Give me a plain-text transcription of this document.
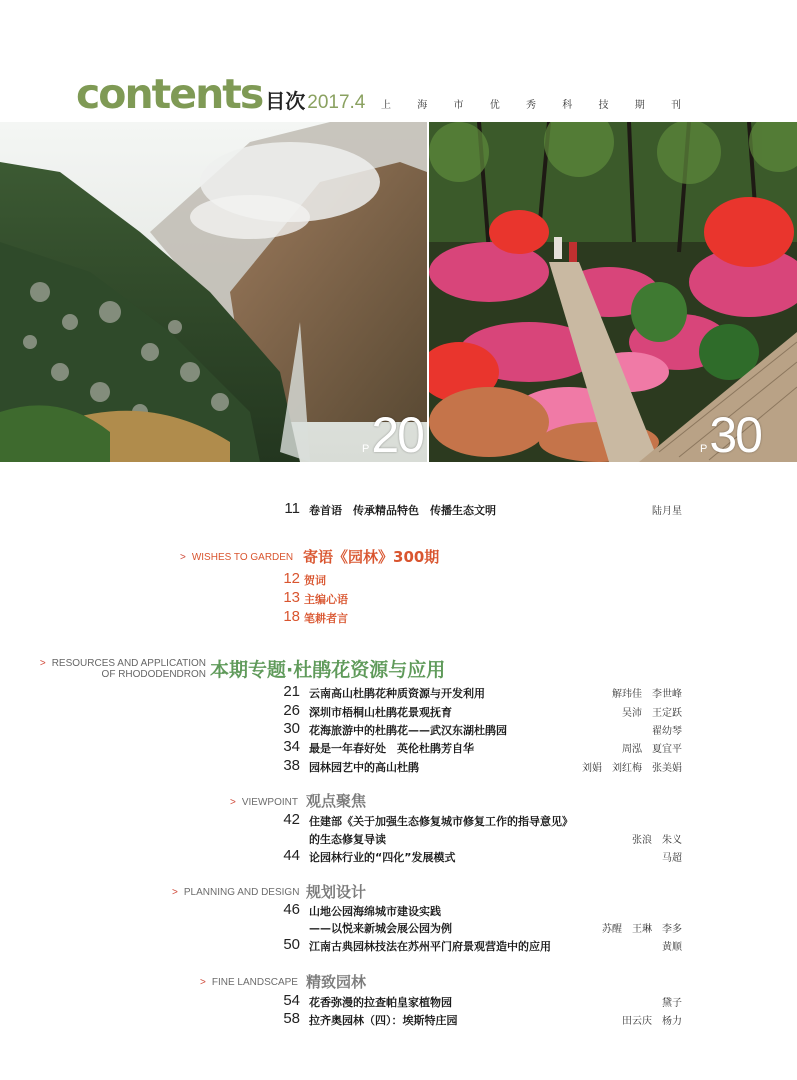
contents 目次 2017.4 上	海	市	优	秀	科	技	期	刊
P 20	P 30
11 卷首语　传承精品特色　传播生态文明	陆月星
> WISHES TO GARDEN 寄语《园林》300期
12 贺词
13 主编心语
18 笔耕者言
> RESOURCES AND APPLICATION
OF RHODODENDRON 本期专题·杜鹃花资源与应用
21 云南高山杜鹃花种质资源与开发利用	解玮佳　李世峰
26 深圳市梧桐山杜鹃花景观抚育	吴沛　王定跃
30 花海旅游中的杜鹃花——武汉东湖杜鹃园	翟幼琴
34 最是一年春好处　英伦杜鹃芳自华	周泓　夏宜平
38 园林园艺中的高山杜鹃	刘娟　刘红梅　张美娟
> VIEWPOINT 观点聚焦
42 住建部《关于加强生态修复城市修复工作的指导意见》
的生态修复导读	张浪　朱义
44 论园林行业的“四化”发展模式	马超
> PLANNING AND DESIGN 规划设计
46 山地公园海绵城市建设实践
——以悦来新城会展公园为例	苏醒　王琳　李多
50 江南古典园林技法在苏州平门府景观营造中的应用	黄顺
> FINE LANDSCAPE 精致园林
54 花香弥漫的拉查帕皇家植物园	黛子
58 拉齐奥园林（四）：埃斯特庄园	田云庆　杨力
